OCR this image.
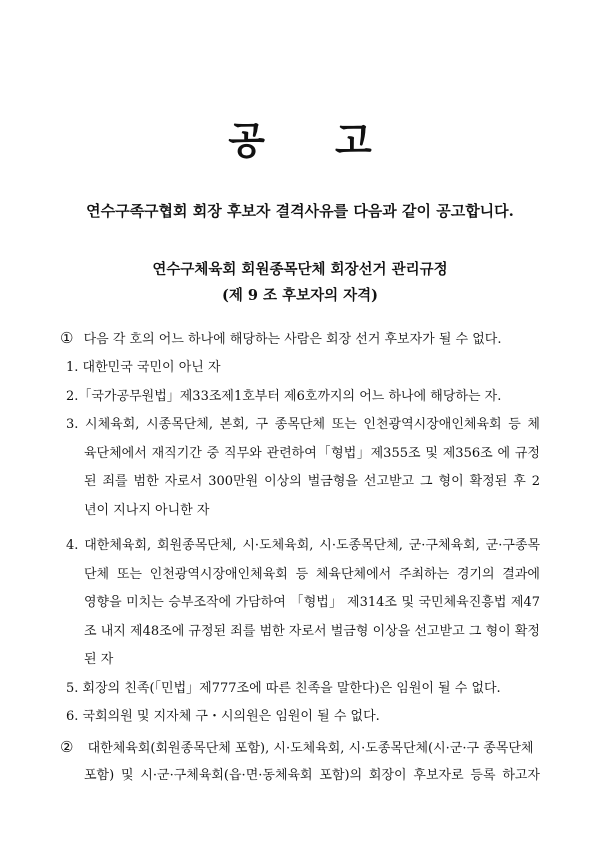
공고
연수구족구협회 회장 후보자 결격사유를 다음과 같이 공고합니다.
연수구체육회 회원종목단체 회장선거 관리규정
(제 9 조 후보자의 자격)
① 다음 각 호의 어느 하나에 해당하는 사람은 회장 선거 후보자가 될 수 없다.
1. 대한민국 국민이 아닌 자
2.「국가공무원법」제33조제1호부터 제6호까지의 어느 하나에 해당하는 자.
3. 시체육회, 시종목단체, 본회, 구 종목단체 또는 인천광역시장애인체육회 등 체
육단체에서 재직기간 중 직무와 관련하여「형법」제355조 및 제356조 에 규정
된 죄를 범한 자로서 300만원 이상의 벌금형을 선고받고 그 형이 확정된 후 2
년이 지나지 아니한 자
4. 대한체육회, 회원종목단체, 시·도체육회, 시·도종목단체, 군·구체육회, 군·구종목
단체 또는 인천광역시장애인체육회 등 체육단체에서 주최하는 경기의 결과에
영향을 미치는 승부조작에 가담하여 「형법」 제314조 및 국민체육진흥법 제47
조 내지 제48조에 규정된 죄를 범한 자로서 벌금형 이상을 선고받고 그 형이 확정
된 자
5. 회장의 친족(「민법」제777조에 따른 친족을 말한다)은 임원이 될 수 없다.
6. 국회의원 및 지자체 구・시의원은 임원이 될 수 없다.
② 대한체육회(회원종목단체 포함), 시·도체육회, 시·도종목단체(시·군·구 종목단체
포함) 및 시·군·구체육회(읍·면·동체육회 포함)의 회장이 후보자로 등록 하고자
